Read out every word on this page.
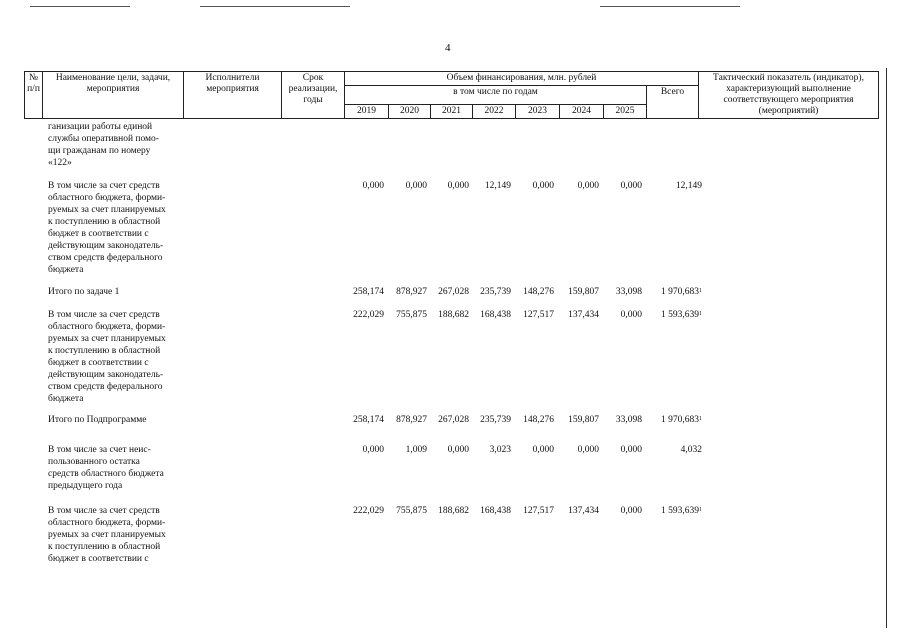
4
№ п/п	Наименование цели, задачи, мероприятия	Исполнители мероприятия	Срок реализации, годы	Объем финансирования, млн. рублей								Тактический показатель (индикатор), характеризующий выполнение соответствующего мероприятия (мероприятий)
				в том числе по годам							Всего	
				2019	2020	2021	2022	2023	2024	2025		
ганизации работы единой
службы оперативной помо-
щи гражданам по номеру
«122»
В том числе за счет средств
областного бюджета, форми-
руемых за счет планируемых
к поступлению в областной
бюджет в соответствии с
действующим законодатель-
ством средств федерального
бюджета
0,000	0,000	0,000	12,149	0,000	0,000	0,000	12,149
Итого по задаче 1	258,174	878,927	267,028	235,739	148,276	159,807	33,098	1 970,683$^1$
В том числе за счет средств
областного бюджета, форми-
руемых за счет планируемых
к поступлению в областной
бюджет в соответствии с
действующим законодатель-
ством средств федерального
бюджета
222,029	755,875	188,682	168,438	127,517	137,434	0,000	1 593,639$^1$
Итого по Подпрограмме	258,174	878,927	267,028	235,739	148,276	159,807	33,098	1 970,683$^1$
В том числе за счет неис-
пользованного остатка
средств областного бюджета
предыдущего года
0,000	1,009	0,000	3,023	0,000	0,000	0,000	4,032
В том числе за счет средств
областного бюджета, форми-
руемых за счет планируемых
к поступлению в областной
бюджет в соответствии с
222,029	755,875	188,682	168,438	127,517	137,434	0,000	1 593,639$^1$
